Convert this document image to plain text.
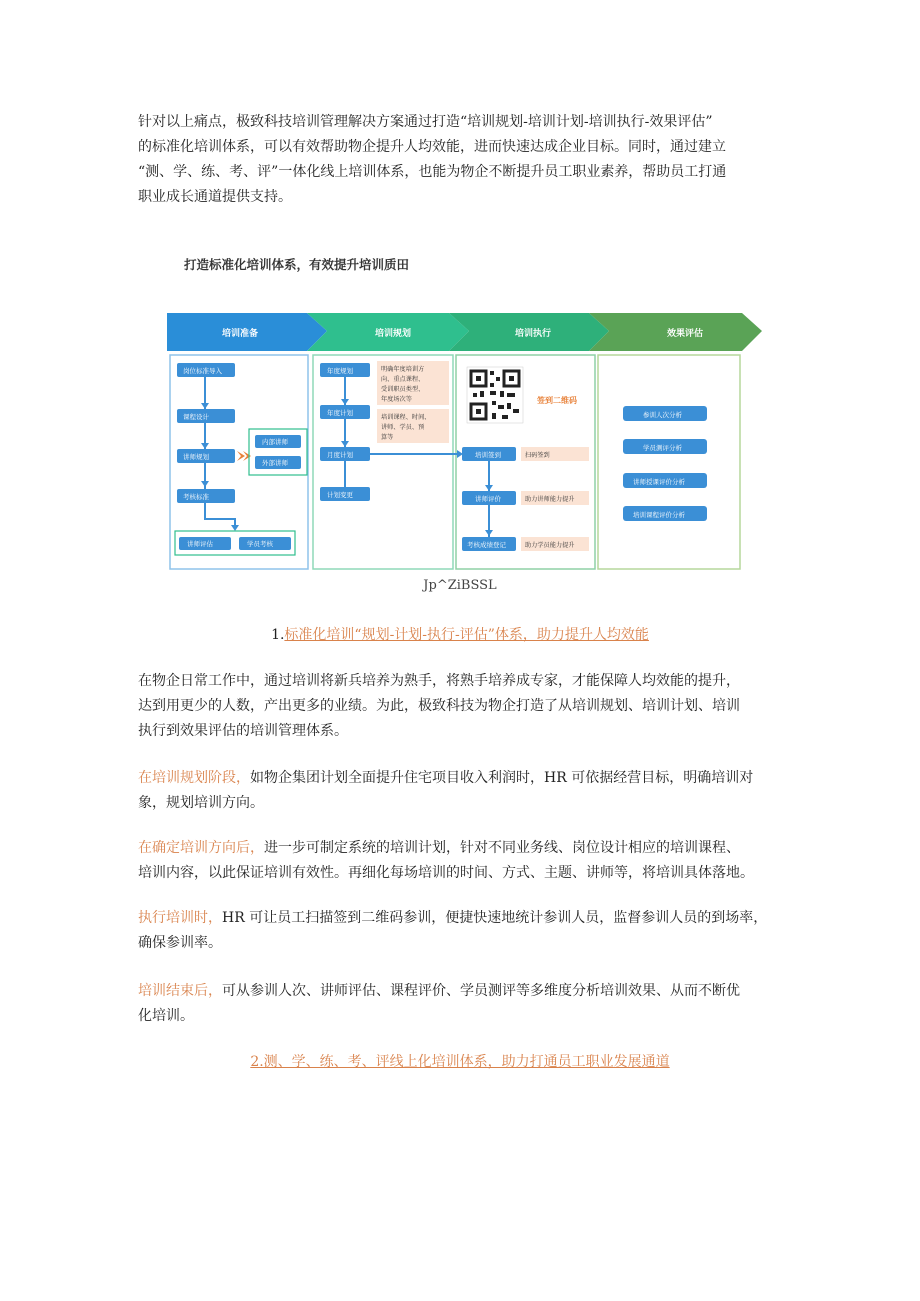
针对以上痛点，极致科技培训管理解决方案通过打造“培训规划-培训计划-培训执行-效果评估”
的标准化培训体系，可以有效帮助物企提升人均效能，进而快速达成企业目标。同时，通过建立
“测、学、练、考、评”一体化线上培训体系，也能为物企不断提升员工职业素养，帮助员工打通
职业成长通道提供支持。

打造标准化培训体系，有效提升培训质田

培训准备	培训规划	培训执行	效果评估
岗位标准导入
课程设计
讲师规划
考核标准
内部讲师
外部讲师
讲师评估	学员考核
年度规划
年度计划
月度计划
计划变更
明确年度培训方
向、重点课程、
受训职员类型、
年度场次等
培训课程、时间、
讲师、学员、预
算等
签到二维码
培训签到
讲师评价
考核成绩登记
扫码签到
助力讲师能力提升
助力学员能力提升
参训人次分析
学员测评分析
讲师授课评价分析
培训课程评价分析

Jp^ZiBSSL

1.标准化培训“规划-计划-执行-评估”体系，助力提升人均效能

在物企日常工作中，通过培训将新兵培养为熟手，将熟手培养成专家，才能保障人均效能的提升，
达到用更少的人数，产出更多的业绩。为此，极致科技为物企打造了从培训规划、培训计划、培训
执行到效果评估的培训管理体系。
在培训规划阶段，如物企集团计划全面提升住宅项目收入利润时，HR 可依据经营目标，明确培训对
象，规划培训方向。
在确定培训方向后，进一步可制定系统的培训计划，针对不同业务线、岗位设计相应的培训课程、
培训内容，以此保证培训有效性。再细化每场培训的时间、方式、主题、讲师等，将培训具体落地。
执行培训时，HR 可让员工扫描签到二维码参训，便捷快速地统计参训人员，监督参训人员的到场率，
确保参训率。
培训结束后，可从参训人次、讲师评估、课程评价、学员测评等多维度分析培训效果、从而不断优
化培训。

2.测、学、练、考、评线上化培训体系，助力打通员工职业发展通道
